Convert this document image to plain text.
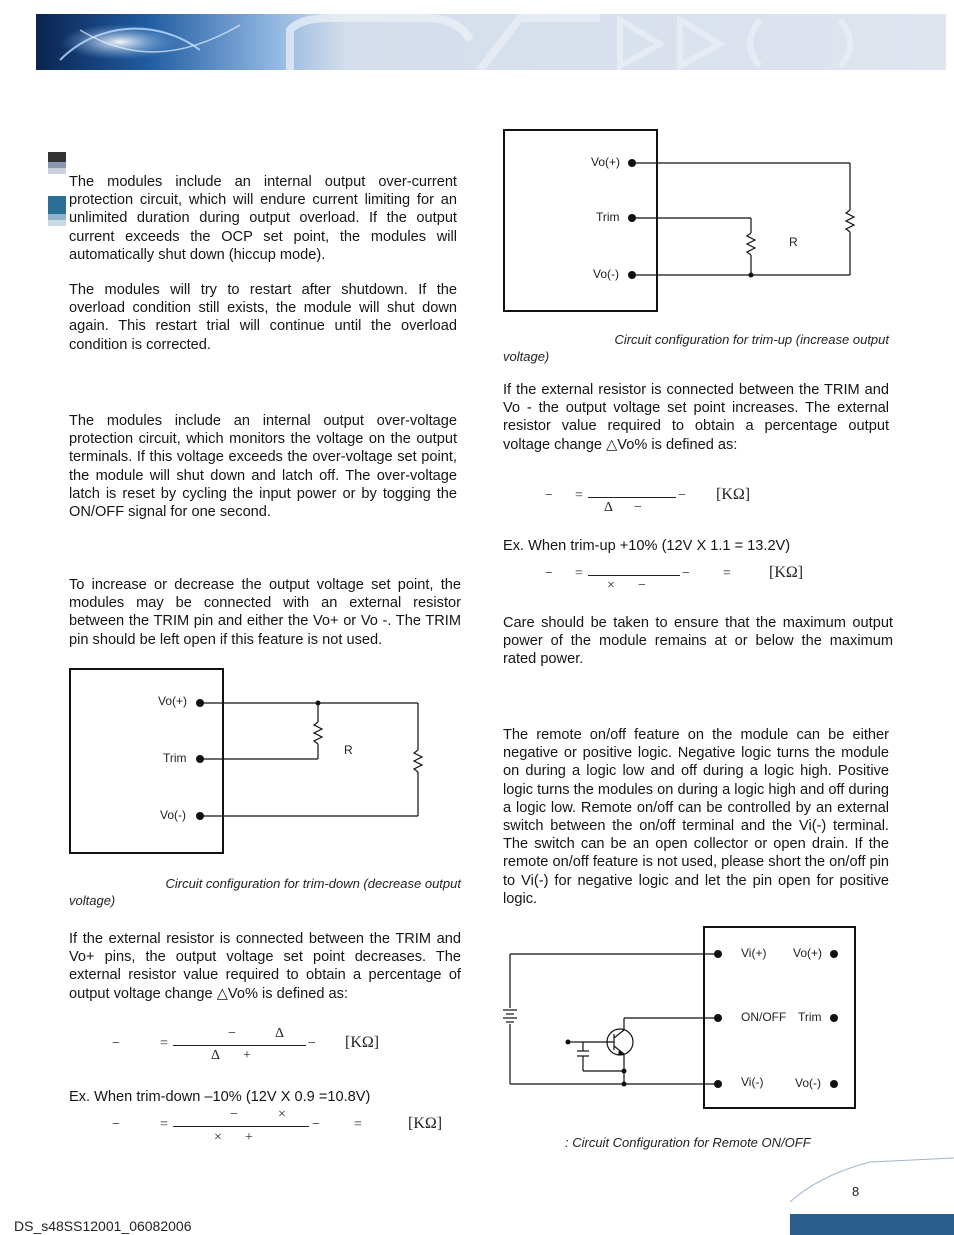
The modules include an internal output over-current protection circuit, which will endure current limiting for an unlimited duration during output overload. If the output current exceeds the OCP set point, the modules will automatically shut down (hiccup mode).

The modules will try to restart after shutdown. If the overload condition still exists, the module will shut down again. This restart trial will continue until the overload condition is corrected.

The modules include an internal output over-voltage protection circuit, which monitors the voltage on the output terminals. If this voltage exceeds the over-voltage set point, the module will shut down and latch off. The over-voltage latch is reset by cycling the input power or by togging the ON/OFF signal for one second.

To increase or decrease the output voltage set point, the modules may be connected with an external resistor between the TRIM pin and either the Vo+ or Vo -. The TRIM pin should be left open if this feature is not used.

Vo(+)
Trim
Vo(-)
R
Circuit configuration for trim-down (decrease output
voltage)

If the external resistor is connected between the TRIM and Vo+ pins, the output voltage set point decreases. The external resistor value required to obtain a percentage of output voltage change △Vo% is defined as:

−	=
−	Δ
Δ +
− [KΩ]

Ex. When trim-down –10% (12V X 0.9 =10.8V)

−	=
−	×
× +
− =	[KΩ]
Vo(+)
Trim
Vo(-)
R
Circuit configuration for trim-up (increase output
voltage)

If the external resistor is connected between the TRIM and Vo - the output voltage set point increases. The external resistor value required to obtain a percentage output voltage change △Vo% is defined as:

− =
Δ −
− [KΩ]

Ex. When trim-up +10% (12V X 1.1 = 13.2V)

− =
× −
− = [KΩ]

Care should be taken to ensure that the maximum output power of the module remains at or below the maximum rated power.

The remote on/off feature on the module can be either negative or positive logic. Negative logic turns the module on during a logic low and off during a logic high. Positive logic turns the modules on during a logic high and off during a logic low. Remote on/off can be controlled by an external switch between the on/off terminal and the Vi(-) terminal. The switch can be an open collector or open drain. If the remote on/off feature is not used, please short the on/off pin to Vi(-) for negative logic and let the pin open for positive logic.

Vi(+) Vo(+)
ON/OFF Trim
Vi(-)	Vo(-)
: Circuit Configuration for Remote ON/OFF
8
DS_s48SS12001_06082006
